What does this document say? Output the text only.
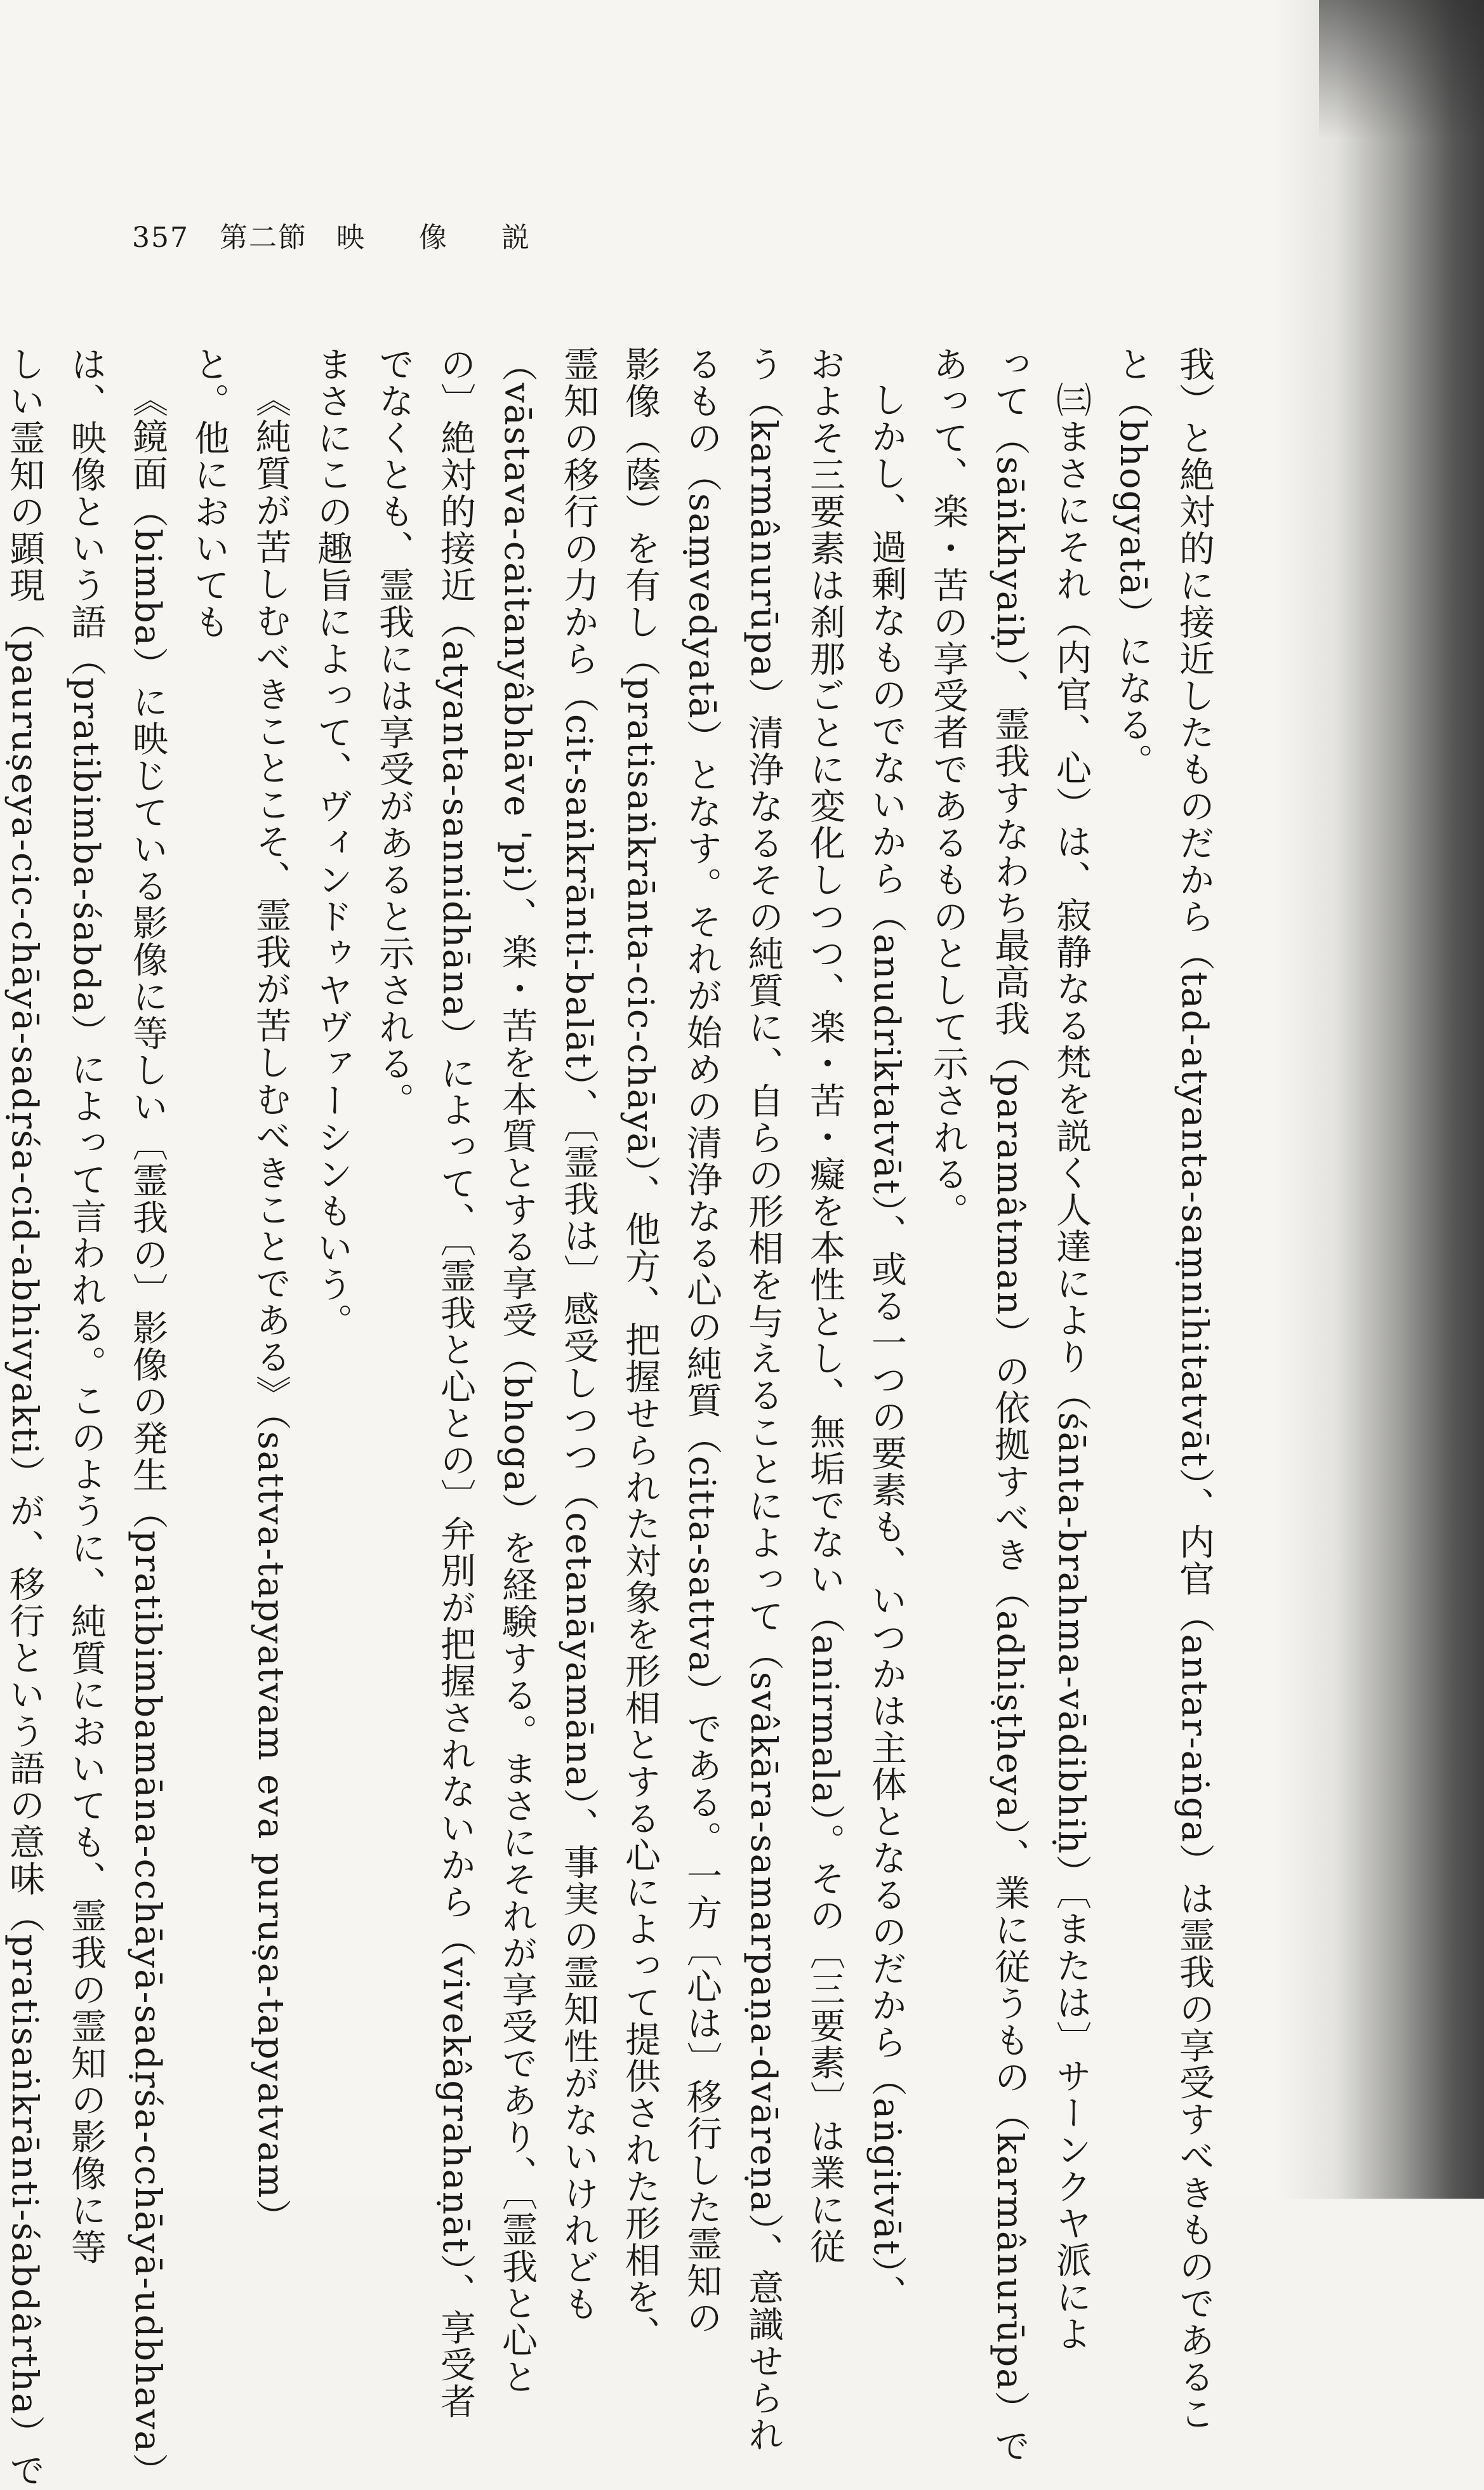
357 第二節 映 像 説
我）と絶対的に接近したものだから（tad-atyanta-saṃnihitatvāt）、内官（antar-aṅga）は霊我の享受すべきものであるこ
と（bhogyatā）になる。
㈢まさにそれ（内官、心）は、寂静なる梵を説く人達により（śānta-brahma-vādibhiḥ）〔または〕サーンクヤ派によ
って（sāṅkhyaiḥ）、霊我すなわち最高我（paramâtman）の依拠すべき（adhiṣṭheya）、業に従うもの（karmânurūpa）で
あって、楽・苦の享受者であるものとして示される。
しかし、過剰なものでないから（anudriktatvāt）、或る一つの要素も、いつかは主体となるのだから（aṅgitvāt）、
およそ三要素は刹那ごとに変化しつつ、楽・苦・癡を本性とし、無垢でない（anirmala）。その〔三要素〕は業に従
う（karmânurūpa）清浄なるその純質に、自らの形相を与えることによって（svâkāra-samarpaṇa-dvāreṇa）、意識せられ
るもの（saṃvedyatā）となす。それが始めの清浄なる心の純質（citta-sattva）である。一方〔心は〕移行した霊知の
影像（蔭）を有し（pratisaṅkrānta-cic-chāyā）、他方、把握せられた対象を形相とする心によって提供された形相を、
霊知の移行の力から（cit-saṅkrānti-balāt）、〔霊我は〕感受しつつ（cetanāyamāna）、事実の霊知性がないけれども
（vāstava-caitanyâbhāve 'pi）、楽・苦を本質とする享受（bhoga）を経験する。まさにそれが享受であり、〔霊我と心と
の〕絶対的接近（atyanta-sannidhāna）によって、〔霊我と心との〕弁別が把握されないから（vivekâgrahaṇāt）、享受者
でなくとも、霊我には享受があると示される。
まさにこの趣旨によって、ヴィンドゥヤヴァーシンもいう。
《純質が苦しむべきことこそ、霊我が苦しむべきことである》（sattva-tapyatvam eva puruṣa-tapyatvam）
と。他においても
《鏡面（bimba）に映じている影像に等しい〔霊我の〕影像の発生（pratibimbamāna-cchāyā-sadṛśa-cchāyā-udbhava）
は、映像という語（pratibimba-śabda）によって言われる。このように、純質においても、霊我の霊知の影像に等
しい霊知の顕現（pauruṣeya-cic-chāyā-sadṛśa-cid-abhivyakti）が、移行という語の意味（pratisaṅkrānti-śabdârtha）で
